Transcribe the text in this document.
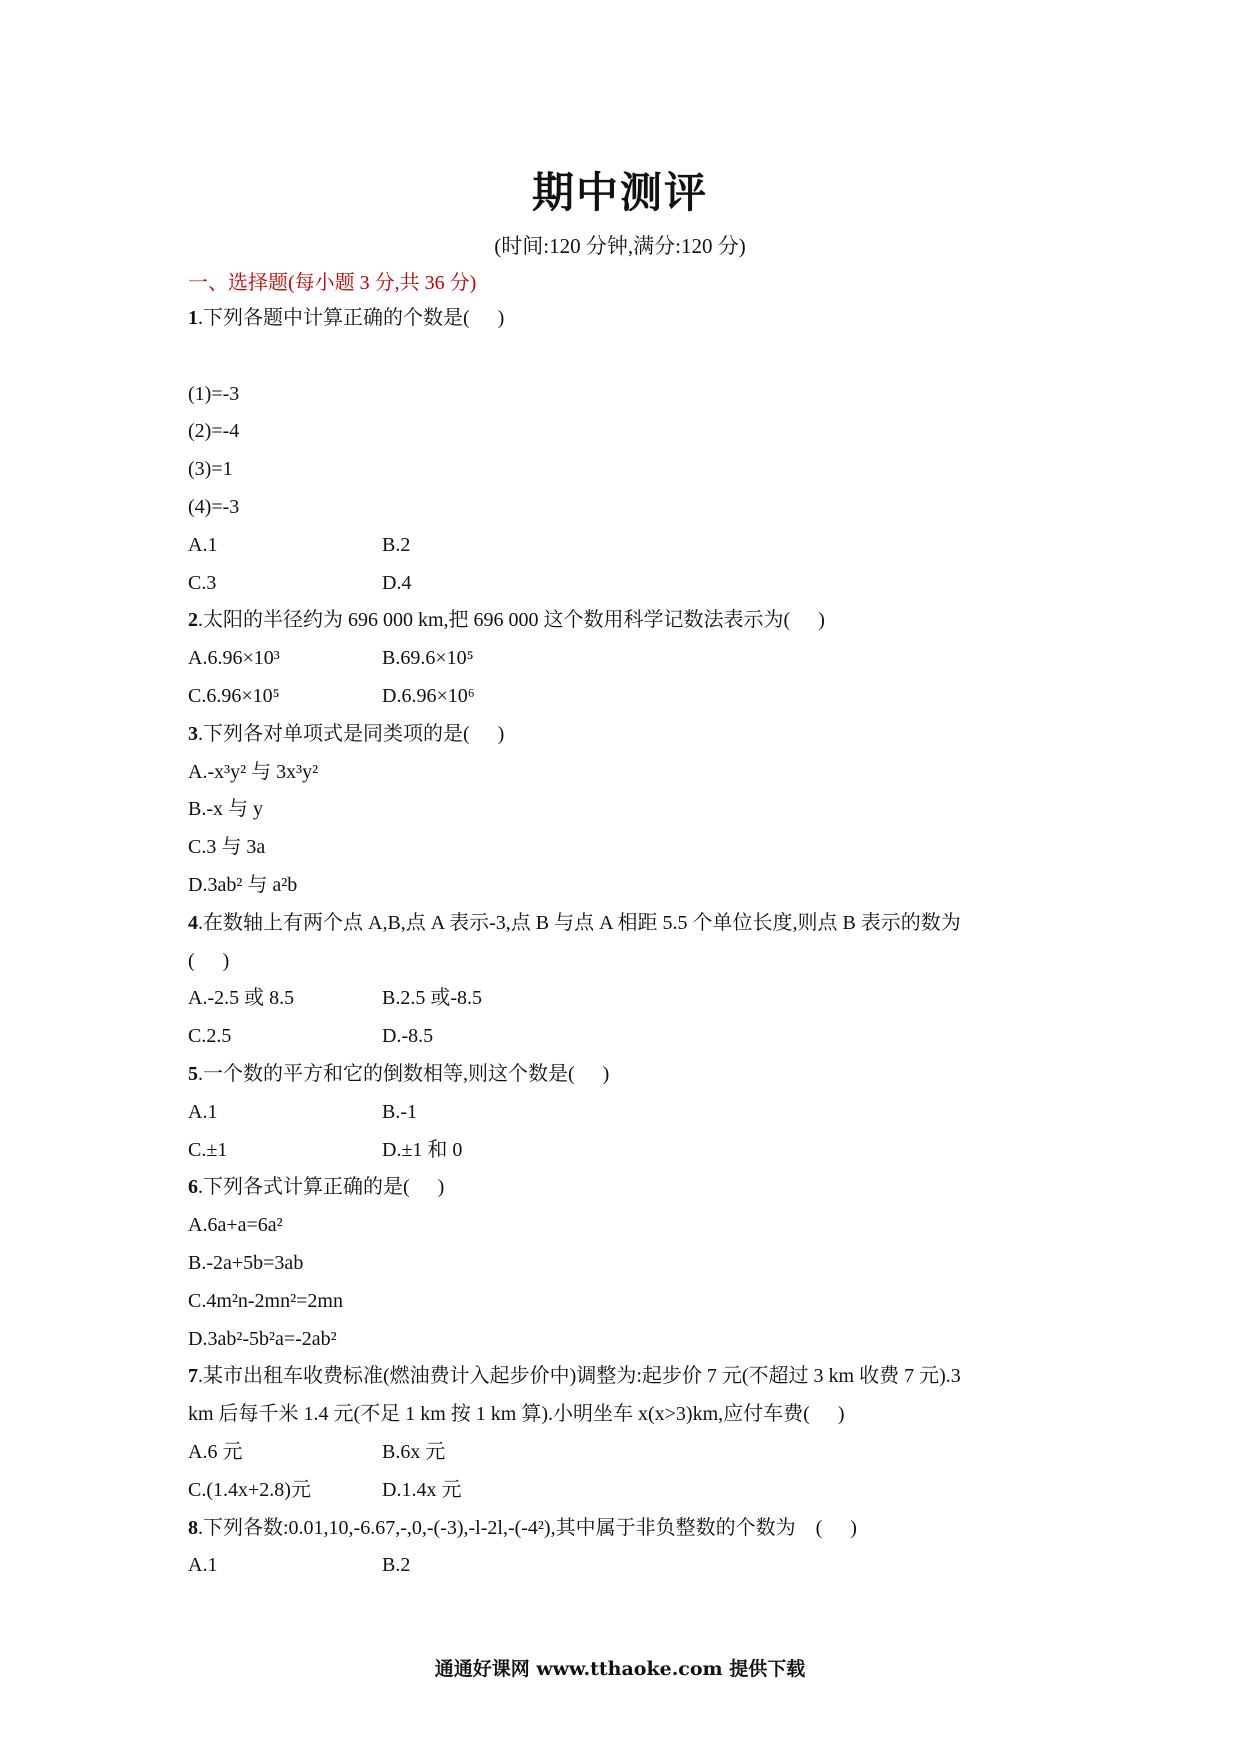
期中测评
(时间:120 分钟,满分:120 分)
一、选择题(每小题 3 分,共 36 分)
1.下列各题中计算正确的个数是( )
(1)=-3
(2)=-4
(3)=1
(4)=-3
A.1	B.2
C.3	D.4
2.太阳的半径约为 696 000 km,把 696 000 这个数用科学记数法表示为( )
A.6.96×10³	B.69.6×10⁵
C.6.96×10⁵	D.6.96×10⁶
3.下列各对单项式是同类项的是( )
A.-x³y² 与 3x³y²
B.-x 与 y
C.3 与 3a
D.3ab² 与 a²b
4.在数轴上有两个点 A,B,点 A 表示-3,点 B 与点 A 相距 5.5 个单位长度,则点 B 表示的数为
( )
A.-2.5 或 8.5	B.2.5 或-8.5
C.2.5	D.-8.5
5.一个数的平方和它的倒数相等,则这个数是( )
A.1	B.-1
C.±1	D.±1 和 0
6.下列各式计算正确的是( )
A.6a+a=6a²
B.-2a+5b=3ab
C.4m²n-2mn²=2mn
D.3ab²-5b²a=-2ab²
7.某市出租车收费标准(燃油费计入起步价中)调整为:起步价 7 元(不超过 3 km 收费 7 元).3
km 后每千米 1.4 元(不足 1 km 按 1 km 算).小明坐车 x(x>3)km,应付车费( )
A.6 元	B.6x 元
C.(1.4x+2.8)元	D.1.4x 元
8.下列各数:0.01,10,-6.67,-,0,-(-3),-l-2l,-(-4²),其中属于非负整数的个数为    ( )
A.1	B.2
通通好课网 www.tthaoke.com 提供下载
